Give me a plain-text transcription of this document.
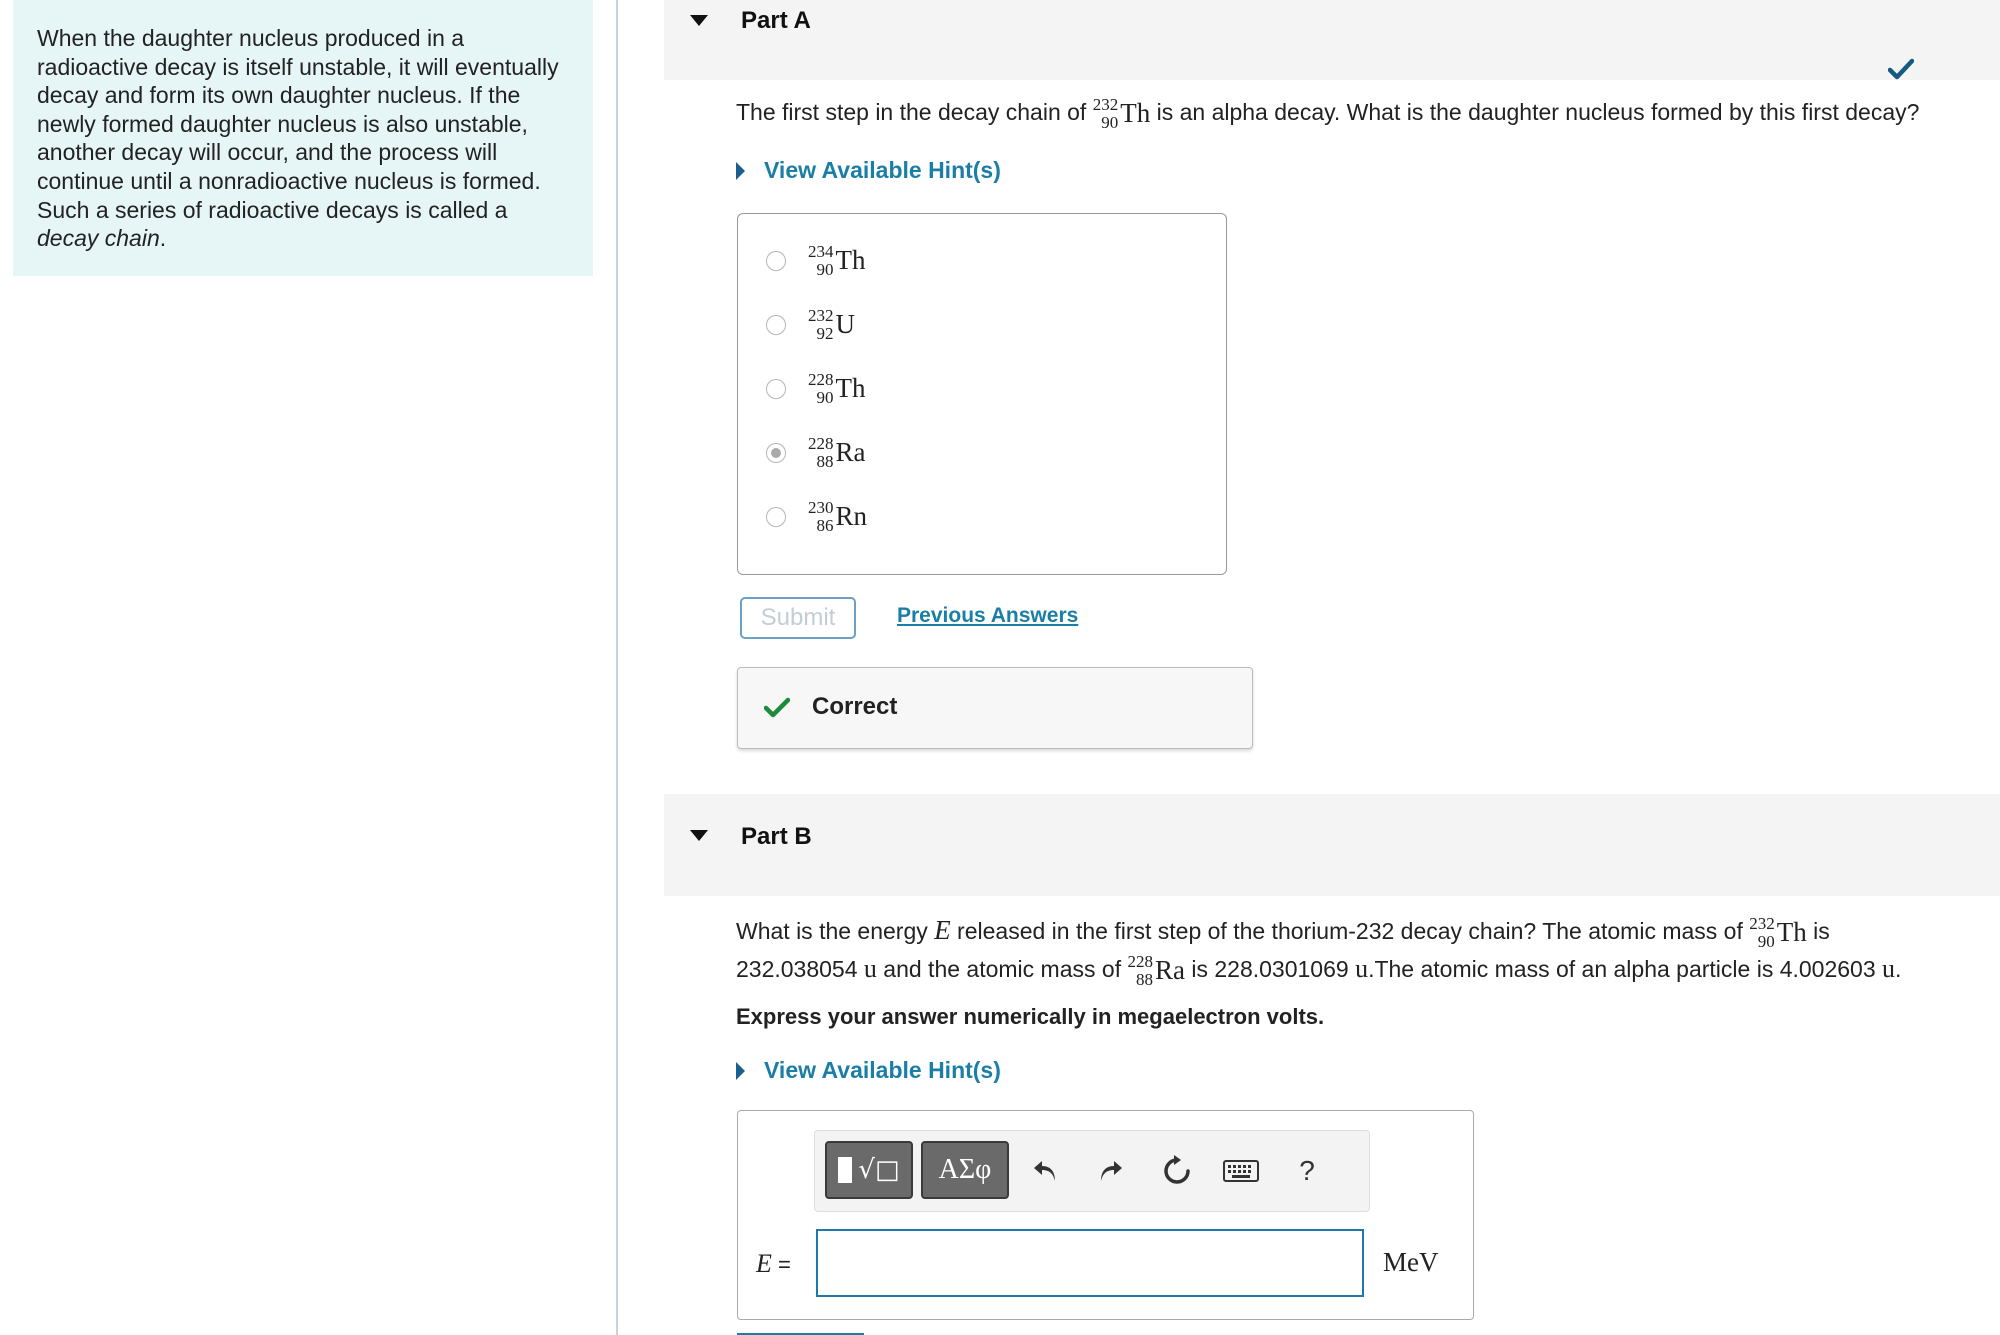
When the daughter nucleus produced in a radioactive decay is itself unstable, it will eventually decay and form its own daughter nucleus. If the newly formed daughter nucleus is also unstable, another decay will occur, and the process will continue until a nonradioactive nucleus is formed. Such a series of radioactive decays is called a decay chain.
Part A
The first step in the decay chain of 232
90 Th is an alpha decay. What is the daughter nucleus formed by this first decay?
View Available Hint(s)
234
90 Th
232
92 U
228
90 Th
228
88 Ra
230
86 Rn
Submit	Previous Answers
Correct
Part B
What is the energy E released in the first step of the thorium-232 decay chain? The atomic mass of 232
90 Th is
232.038054 u and the atomic mass of 228
88 Ra is 228.0301069 u.The atomic mass of an alpha particle is 4.002603 u.
Express your answer numerically in megaelectron volts.
View Available Hint(s)
√□	ΑΣφ	?
E =	MeV
